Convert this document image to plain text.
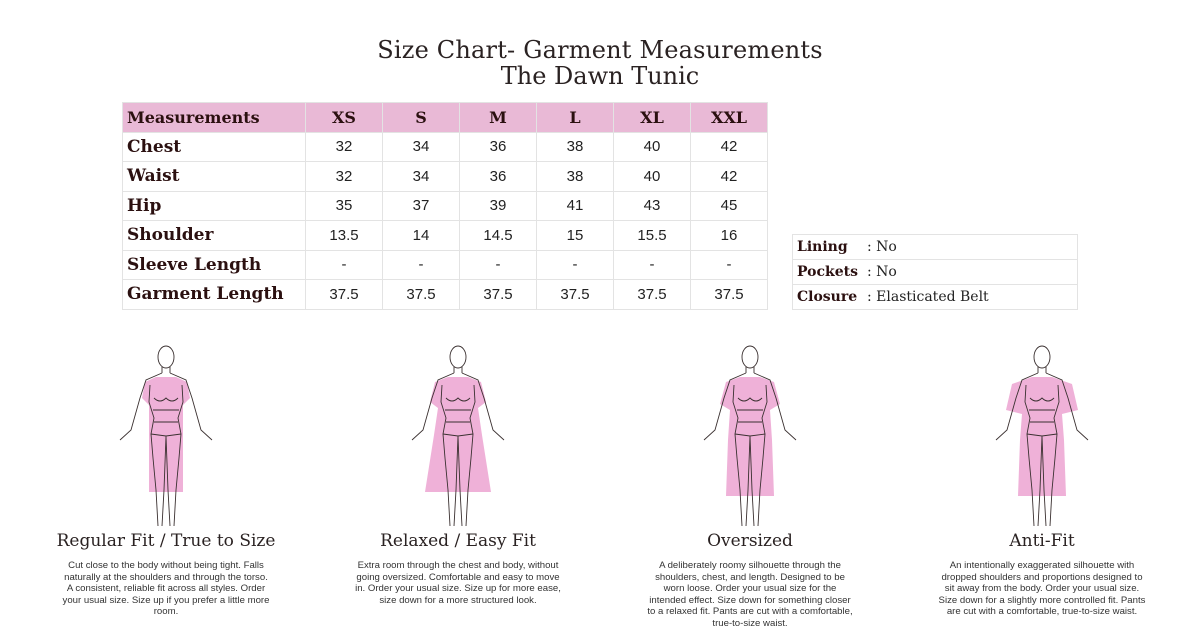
Size Chart- Garment Measurements
The Dawn Tunic
Measurements	XS	S	M	L	XL	XXL
Chest	32	34	36	38	40	42
Waist	32	34	36	38	40	42
Hip	35	37	39	41	43	45
Shoulder	13.5	14	14.5	15	15.5	16
Sleeve Length	-	-	-	-	-	-
Garment Length	37.5	37.5	37.5	37.5	37.5	37.5
Lining	: No
Pockets	: No
Closure	: Elasticated Belt
Regular Fit / True to Size
Cut close to the body without being tight. Falls naturally at the shoulders and through the torso. A consistent, reliable fit across all styles. Order your usual size. Size up if you prefer a little more room.
Relaxed / Easy Fit
Extra room through the chest and body, without going oversized. Comfortable and easy to move in. Order your usual size. Size up for more ease, size down for a more structured look.
Oversized
A deliberately roomy silhouette through the shoulders, chest, and length. Designed to be worn loose. Order your usual size for the intended effect. Size down for something closer to a relaxed fit. Pants are cut with a comfortable, true-to-size waist.
Anti-Fit
An intentionally exaggerated silhouette with dropped shoulders and proportions designed to sit away from the body. Order your usual size. Size down for a slightly more controlled fit. Pants are cut with a comfortable, true-to-size waist.
